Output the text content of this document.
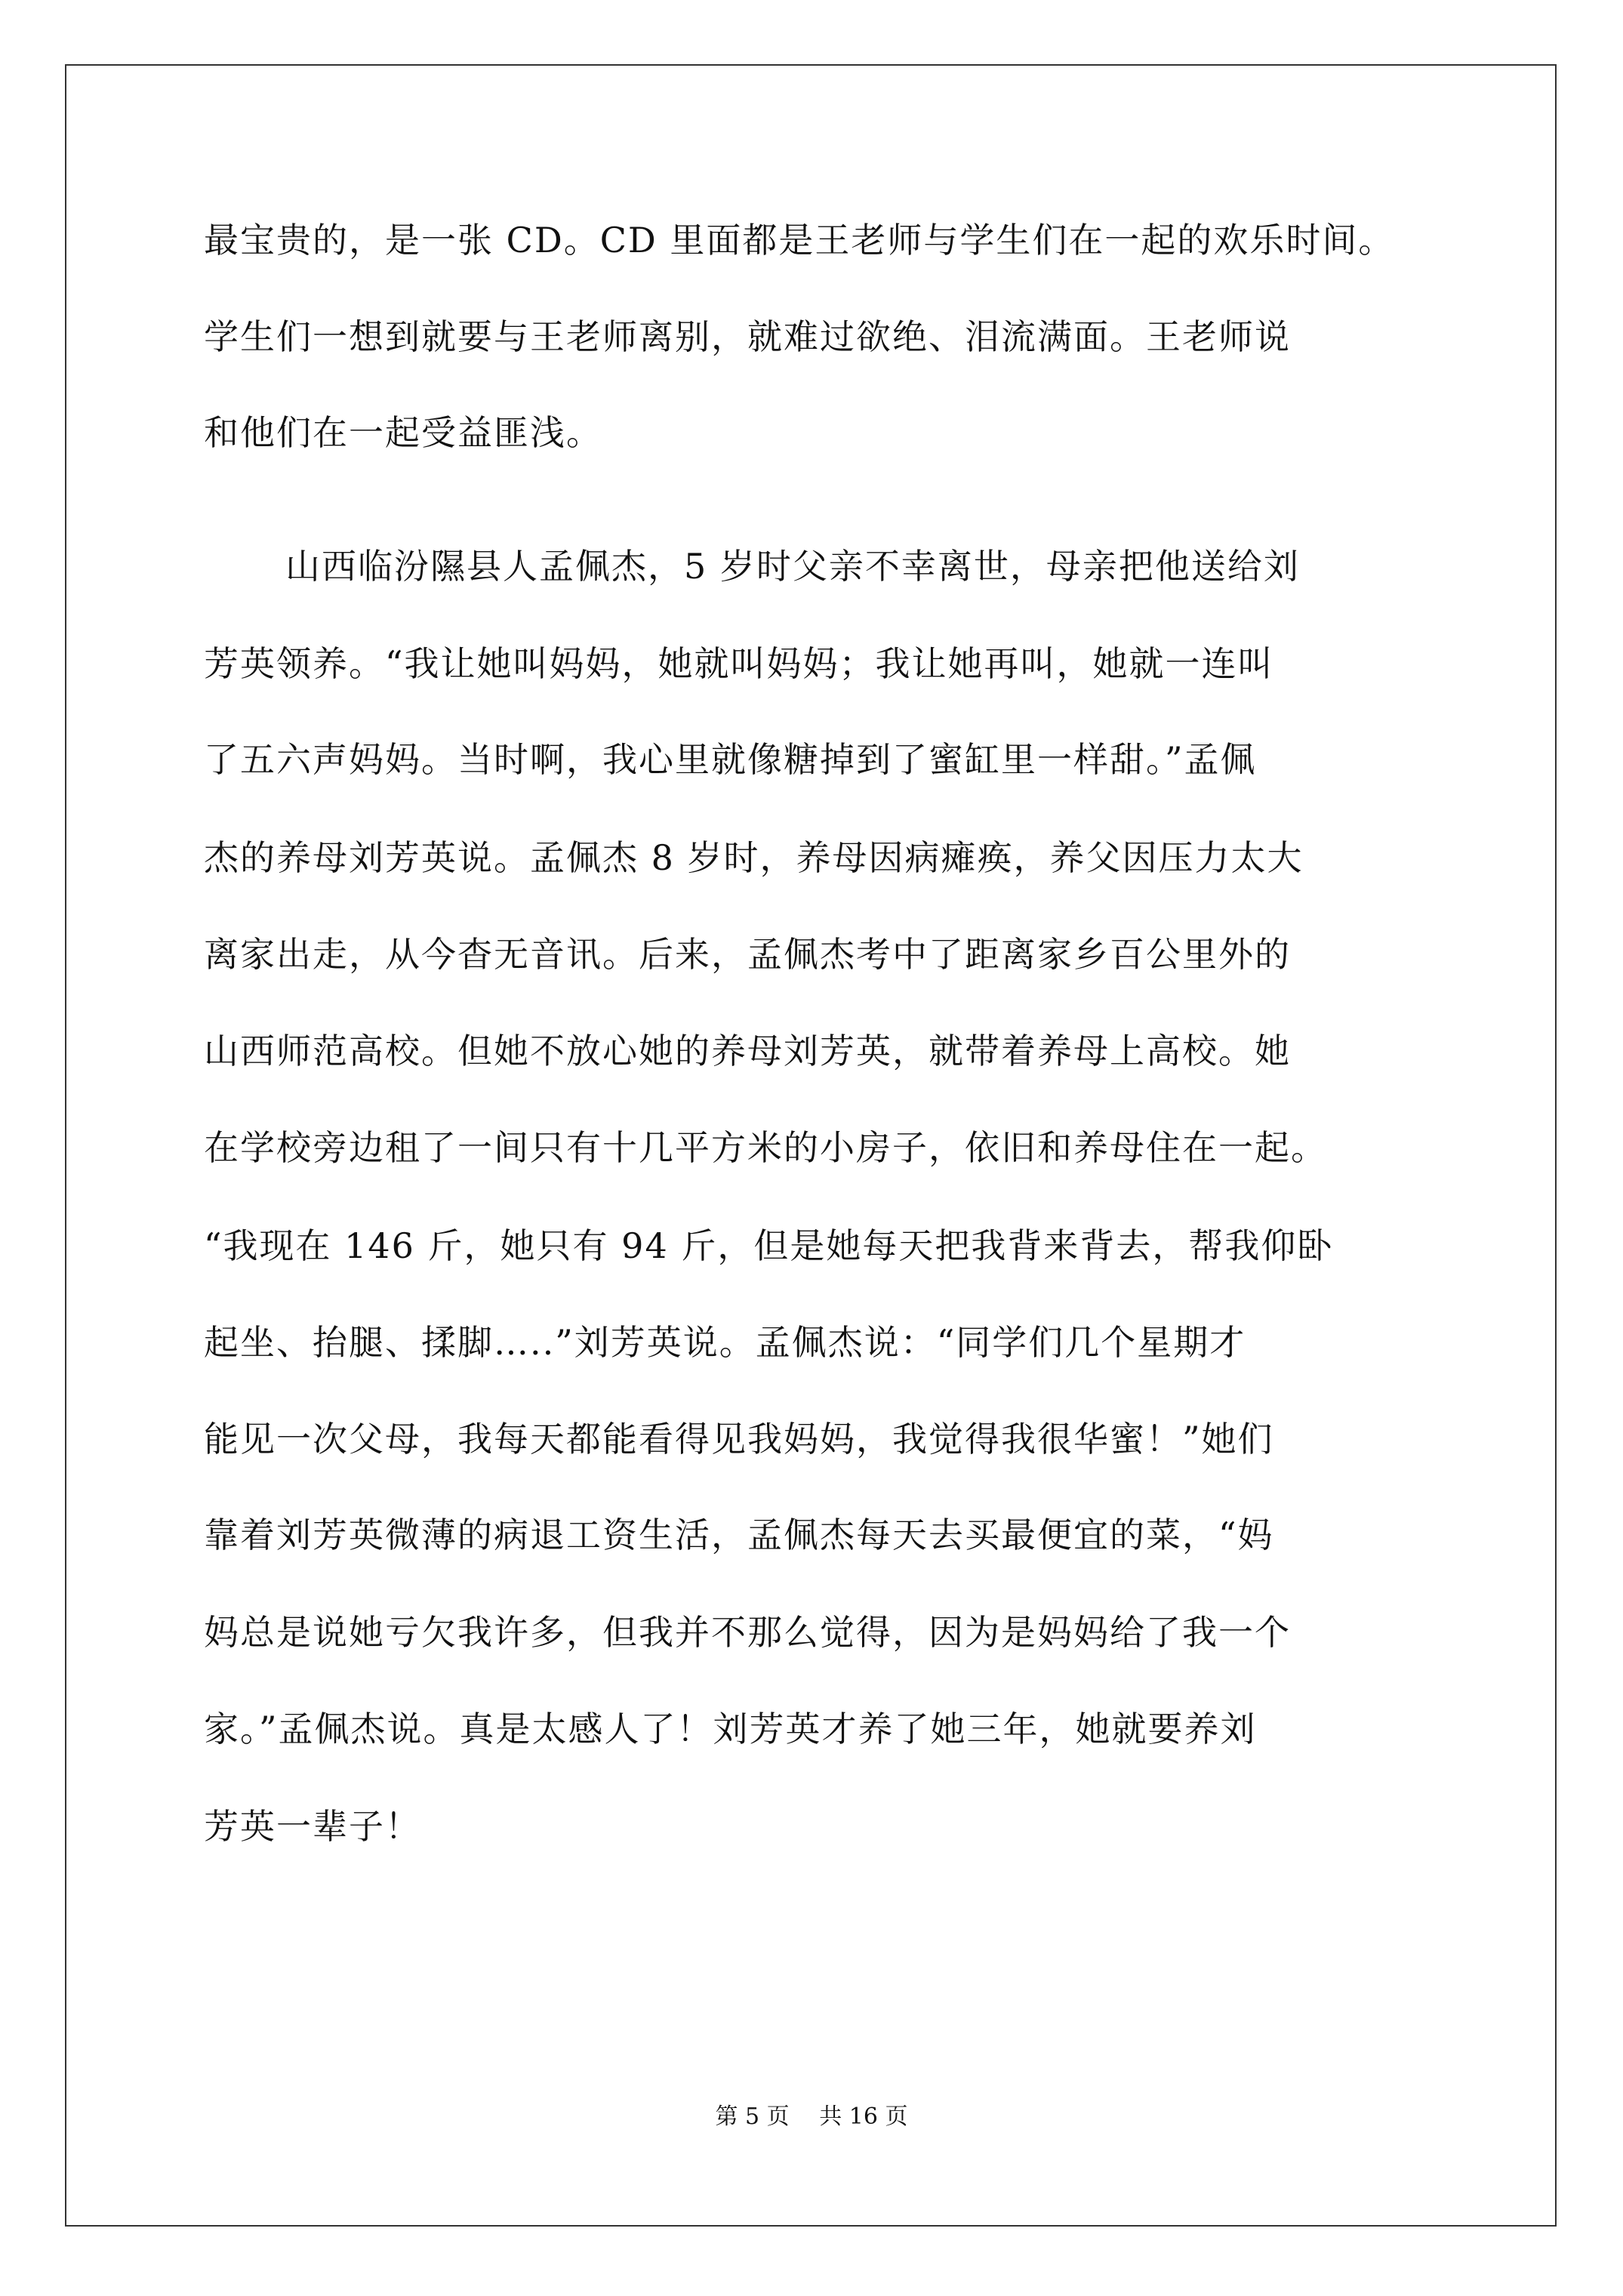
最宝贵的，是一张 CD。CD 里面都是王老师与学生们在一起的欢乐时间。
学生们一想到就要与王老师离别，就难过欲绝、泪流满面。王老师说
和他们在一起受益匪浅。
山西临汾隰县人孟佩杰，5 岁时父亲不幸离世，母亲把他送给刘
芳英领养。“我让她叫妈妈，她就叫妈妈；我让她再叫，她就一连叫
了五六声妈妈。当时啊，我心里就像糖掉到了蜜缸里一样甜。”孟佩
杰的养母刘芳英说。孟佩杰 8 岁时，养母因病瘫痪，养父因压力太大
离家出走，从今杳无音讯。后来，孟佩杰考中了距离家乡百公里外的
山西师范高校。但她不放心她的养母刘芳英，就带着养母上高校。她
在学校旁边租了一间只有十几平方米的小房子，依旧和养母住在一起。
“我现在 146 斤，她只有 94 斤，但是她每天把我背来背去，帮我仰卧
起坐、抬腿、揉脚…..”刘芳英说。孟佩杰说：“同学们几个星期才
能见一次父母，我每天都能看得见我妈妈，我觉得我很华蜜！”她们
靠着刘芳英微薄的病退工资生活，孟佩杰每天去买最便宜的菜，“妈
妈总是说她亏欠我许多，但我并不那么觉得，因为是妈妈给了我一个
家。”孟佩杰说。真是太感人了！刘芳英才养了她三年，她就要养刘
芳英一辈子！
第 5 页　 共 16 页
